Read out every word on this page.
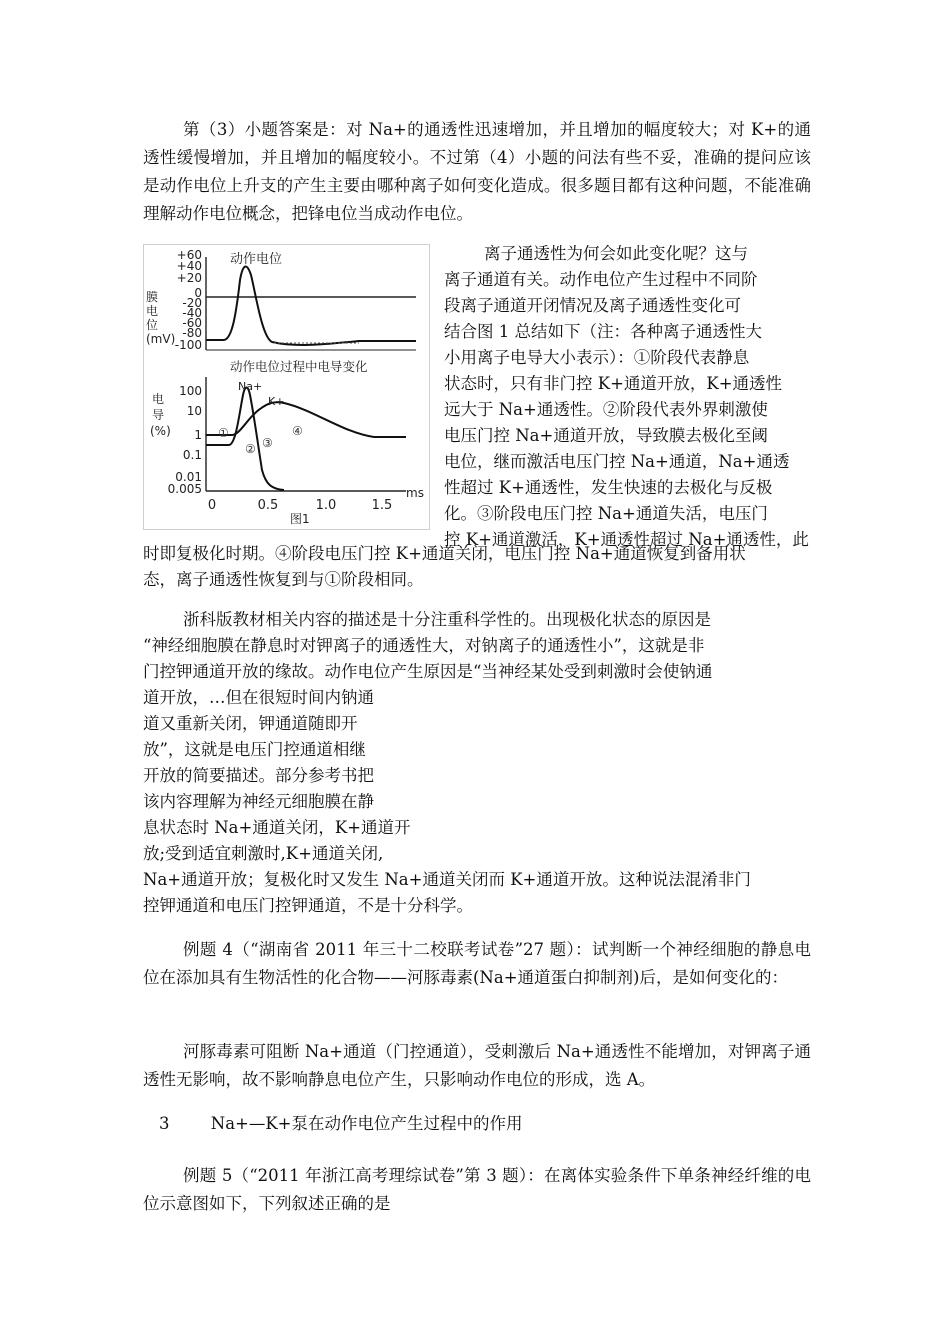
第（3）小题答案是：对 Na+的通透性迅速增加，并且增加的幅度较大；对 K+的通透性缓慢增加，并且增加的幅度较小。不过第（4）小题的问法有些不妥，准确的提问应该是动作电位上升支的产生主要由哪种离子如何变化造成。很多题目都有这种问题，不能准确理解动作电位概念，把锋电位当成动作电位。

动作电位
膜
电
位
(mV)
+60
+40
+20
0
-20
-40
-60
-80
-100
动作电位过程中电导变化
电
导
(%)
100
10
1
0.1
0.01
0.005
Na+
K+
①
② ③
④
0	0.5	1.0	1.5
ms
图1
离子通透性为何会如此变化呢？这与
离子通道有关。动作电位产生过程中不同阶
段离子通道开闭情况及离子通透性变化可
结合图 1 总结如下（注：各种离子通透性大
小用离子电导大小表示）：①阶段代表静息
状态时，只有非门控 K+通道开放，K+通透性
远大于 Na+通透性。②阶段代表外界刺激使
电压门控 Na+通道开放，导致膜去极化至阈
电位，继而激活电压门控 Na+通道，Na+通透
性超过 K+通透性，发生快速的去极化与反极
化。③阶段电压门控 Na+通道失活，电压门
控 K+通道激活，K+通透性超过 Na+通透性，此
时即复极化时期。④阶段电压门控 K+通道关闭，电压门控 Na+通道恢复到备用状
态，离子通透性恢复到与①阶段相同。
浙科版教材相关内容的描述是十分注重科学性的。出现极化状态的原因是
“神经细胞膜在静息时对钾离子的通透性大，对钠离子的通透性小”，这就是非
门控钾通道开放的缘故。动作电位产生原因是“当神经某处受到刺激时会使钠通
道开放，…但在很短时间内钠通
道又重新关闭，钾通道随即开
放”，这就是电压门控通道相继
开放的简要描述。部分参考书把
该内容理解为神经元细胞膜在静
息状态时 Na+通道关闭，K+通道开
放;受到适宜刺激时,K+通道关闭,
Na+通道开放；复极化时又发生 Na+通道关闭而 K+通道开放。这种说法混淆非门
控钾通道和电压门控钾通道，不是十分科学。

例题 4（“湖南省 2011 年三十二校联考试卷”27 题）：试判断一个神经细胞的静息电位在添加具有生物活性的化合物——河豚毒素(Na+通道蛋白抑制剂)后，是如何变化的：

河豚毒素可阻断 Na+通道（门控通道），受刺激后 Na+通透性不能增加，对钾离子通透性无影响，故不影响静息电位产生，只影响动作电位的形成，选 A。

3	Na+—K+泵在动作电位产生过程中的作用

例题 5（“2011 年浙江高考理综试卷”第 3 题）：在离体实验条件下单条神经纤维的电位示意图如下，下列叙述正确的是
